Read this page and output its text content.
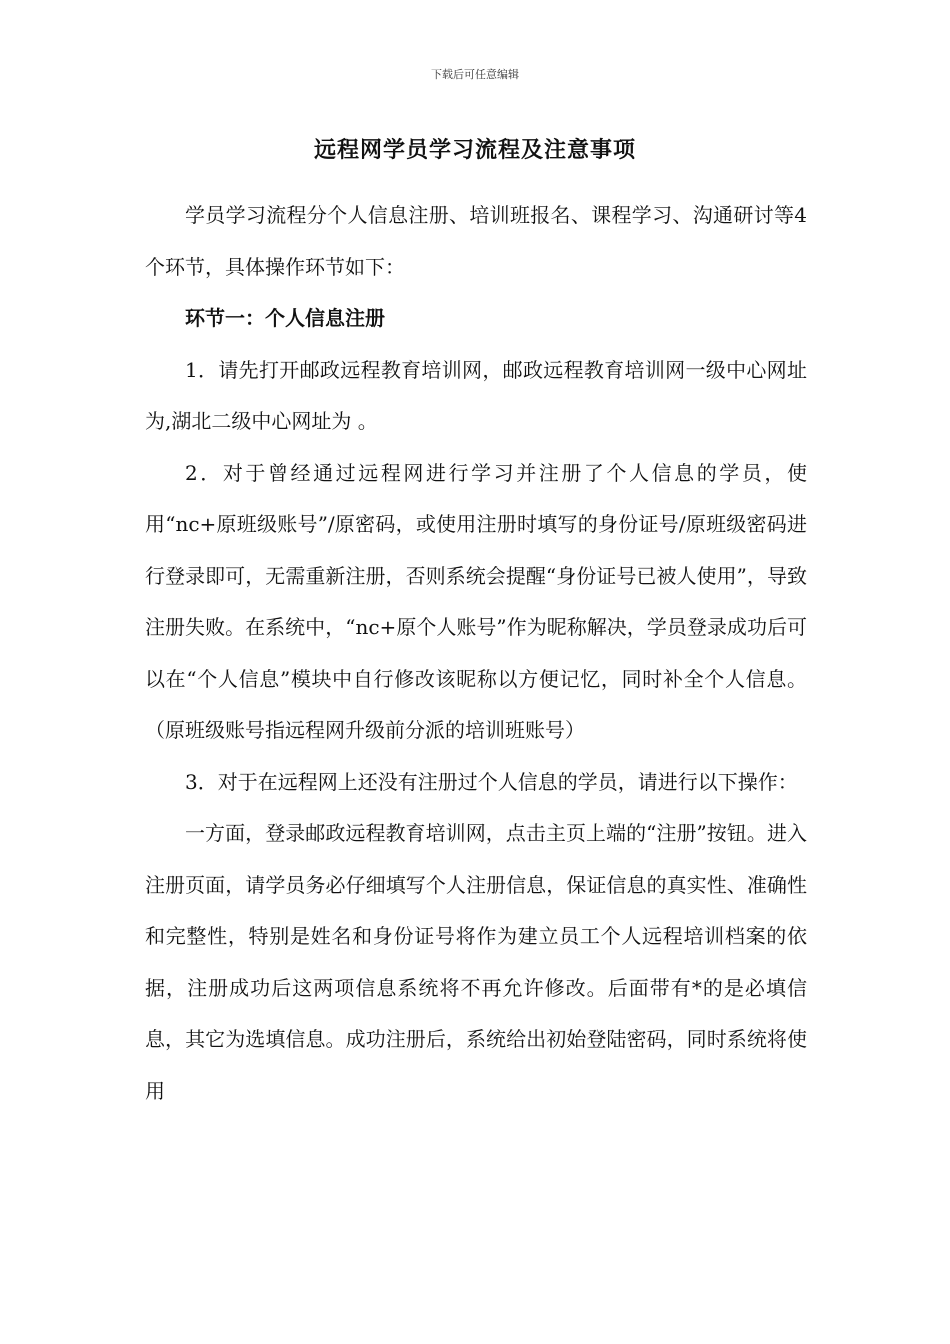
下载后可任意编辑
远程网学员学习流程及注意事项

学员学习流程分个人信息注册、培训班报名、课程学习、沟通研讨等4个环节，具体操作环节如下：

环节一：个人信息注册

1．请先打开邮政远程教育培训网，邮政远程教育培训网一级中心网址为,湖北二级中心网址为 。

2．对于曾经通过远程网进行学习并注册了个人信息的学员，使用“nc+原班级账号”/原密码，或使用注册时填写的身份证号/原班级密码进行登录即可，无需重新注册，否则系统会提醒“身份证号已被人使用”，导致注册失败。在系统中，“nc+原个人账号”作为昵称解决，学员登录成功后可以在“个人信息”模块中自行修改该昵称以方便记忆，同时补全个人信息。（原班级账号指远程网升级前分派的培训班账号）

3．对于在远程网上还没有注册过个人信息的学员，请进行以下操作：

一方面，登录邮政远程教育培训网，点击主页上端的“注册”按钮。进入注册页面，请学员务必仔细填写个人注册信息，保证信息的真实性、准确性和完整性，特别是姓名和身份证号将作为建立员工个人远程培训档案的依据，注册成功后这两项信息系统将不再允许修改。后面带有*的是必填信息，其它为选填信息。成功注册后，系统给出初始登陆密码，同时系统将使用
